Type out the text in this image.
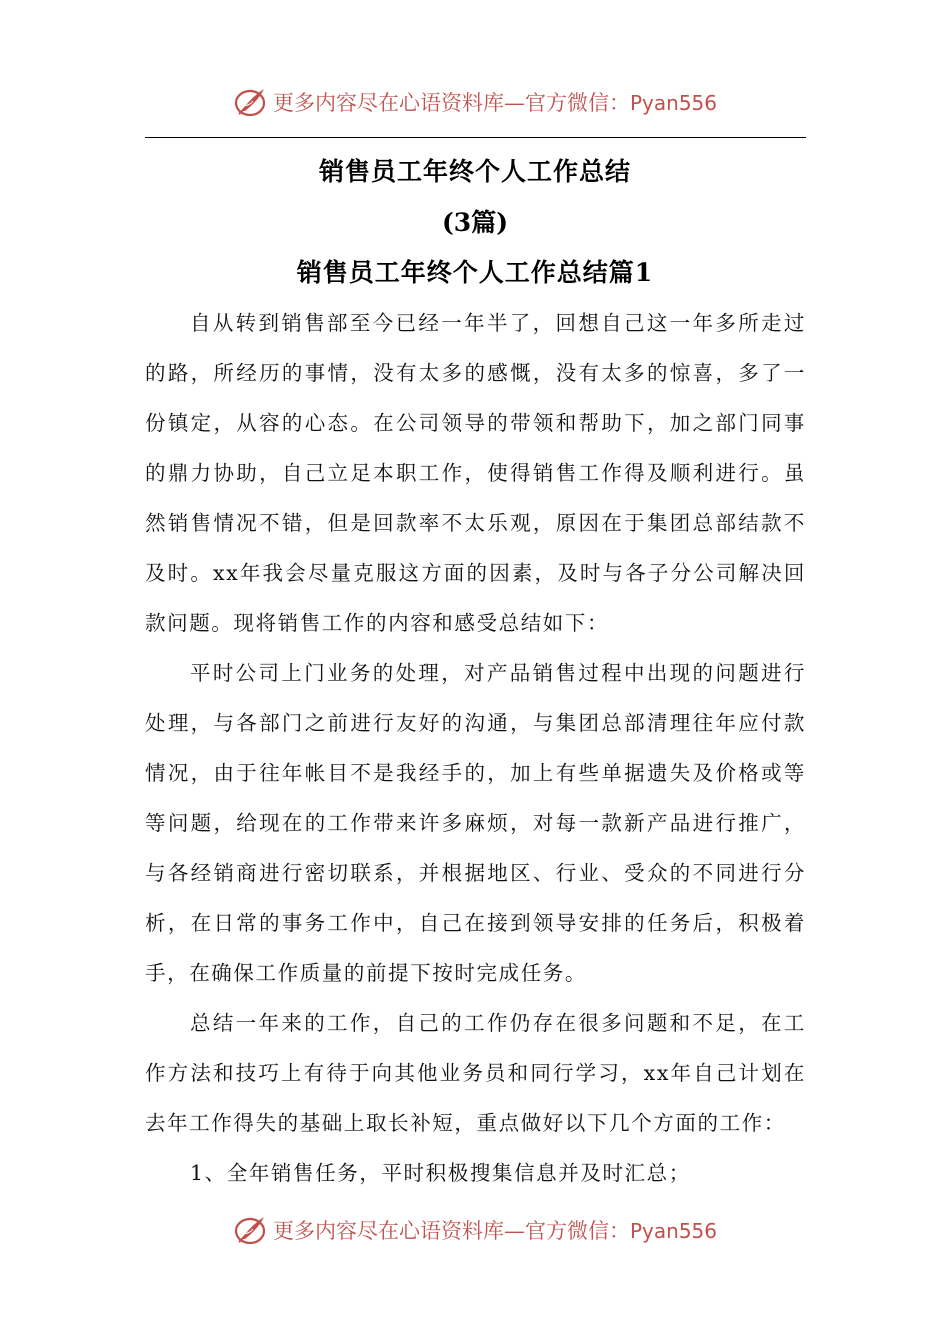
更多内容尽在心语资料库—官方微信：Pyan556
销售员工年终个人工作总结
(3篇)
销售员工年终个人工作总结篇1

自从转到销售部至今已经一年半了，回想自己这一年多所走过的路，所经历的事情，没有太多的感慨，没有太多的惊喜，多了一份镇定，从容的心态。在公司领导的带领和帮助下，加之部门同事的鼎力协助，自己立足本职工作，使得销售工作得及顺利进行。虽然销售情况不错，但是回款率不太乐观，原因在于集团总部结款不及时。xx年我会尽量克服这方面的因素，及时与各子分公司解决回款问题。现将销售工作的内容和感受总结如下：

平时公司上门业务的处理，对产品销售过程中出现的问题进行处理，与各部门之前进行友好的沟通，与集团总部清理往年应付款情况，由于往年帐目不是我经手的，加上有些单据遗失及价格或等等问题，给现在的工作带来许多麻烦，对每一款新产品进行推广，与各经销商进行密切联系，并根据地区、行业、受众的不同进行分析，在日常的事务工作中，自己在接到领导安排的任务后，积极着手，在确保工作质量的前提下按时完成任务。

总结一年来的工作，自己的工作仍存在很多问题和不足，在工作方法和技巧上有待于向其他业务员和同行学习，xx年自己计划在去年工作得失的基础上取长补短，重点做好以下几个方面的工作：

1、全年销售任务，平时积极搜集信息并及时汇总；

更多内容尽在心语资料库—官方微信：Pyan556
